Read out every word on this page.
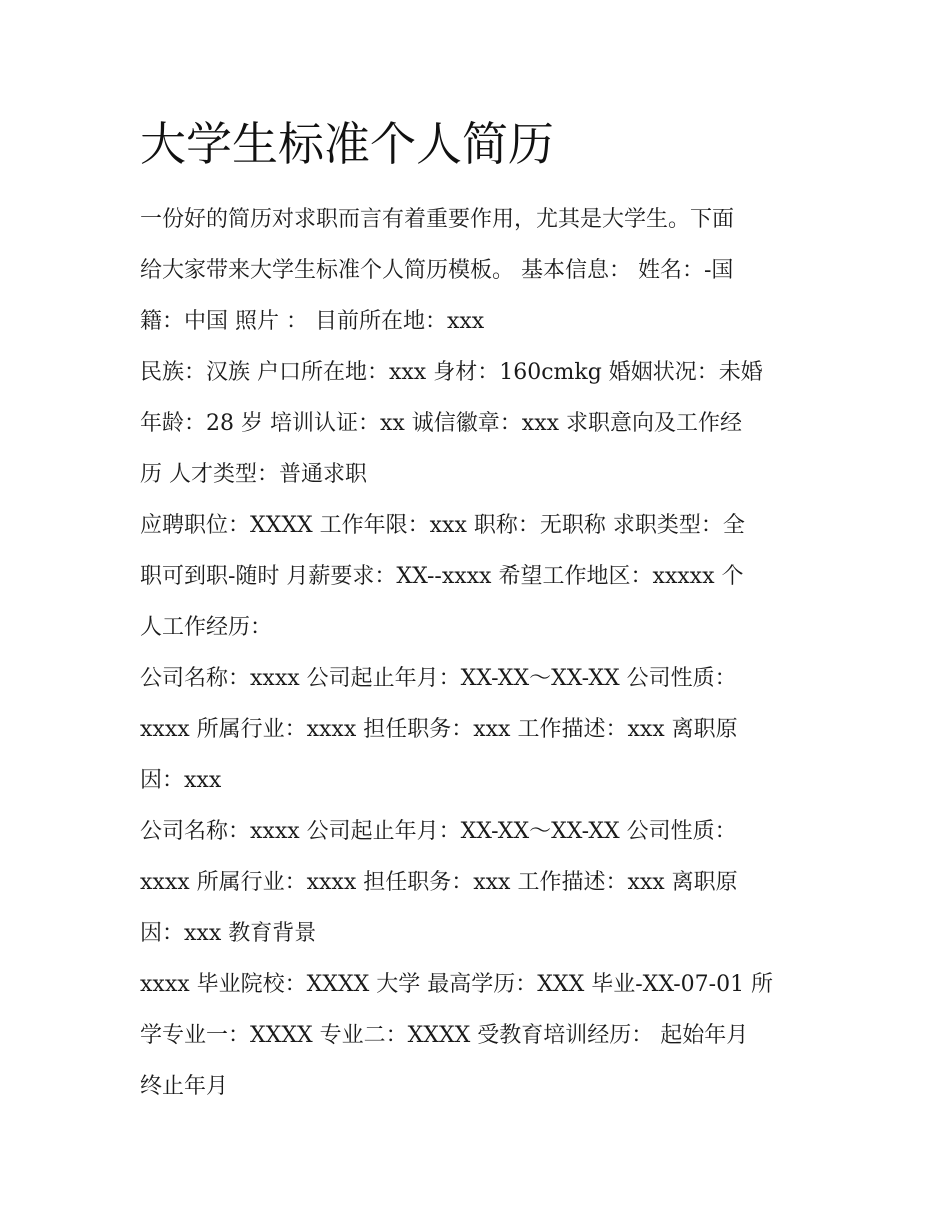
大学生标准个人简历

一份好的简历对求职而言有着重要作用，尤其是大学生。下面

给大家带来大学生标准个人简历模板。 基本信息： 姓名：-国

籍：中国 照片 ： 目前所在地：xxx

民族：汉族 户口所在地：xxx 身材：160cmkg 婚姻状况：未婚

年龄：28 岁 培训认证：xx 诚信徽章：xxx 求职意向及工作经

历 人才类型：普通求职

应聘职位：XXXX 工作年限：xxx 职称：无职称 求职类型：全

职可到职-随时 月薪要求：XX--xxxx 希望工作地区：xxxxx 个

人工作经历：

公司名称：xxxx 公司起止年月：XX-XX～XX-XX 公司性质：

xxxx 所属行业：xxxx 担任职务：xxx 工作描述：xxx 离职原

因：xxx

公司名称：xxxx 公司起止年月：XX-XX～XX-XX 公司性质：

xxxx 所属行业：xxxx 担任职务：xxx 工作描述：xxx 离职原

因：xxx 教育背景

xxxx 毕业院校：XXXX 大学 最高学历：XXX 毕业-XX-07-01 所

学专业一：XXXX 专业二：XXXX 受教育培训经历： 起始年月

终止年月
